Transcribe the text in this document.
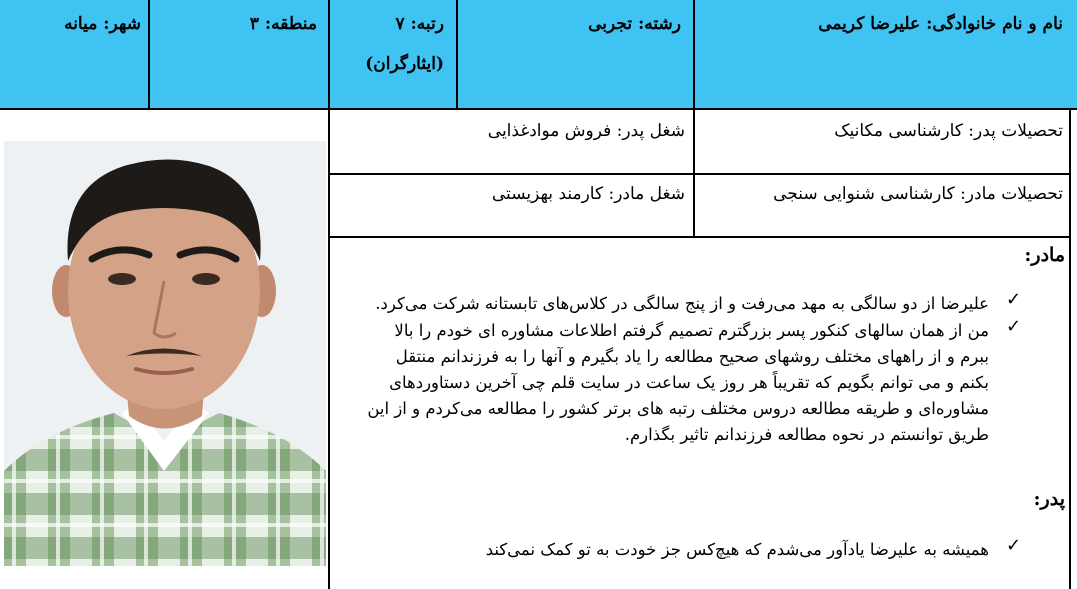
نام و نام خانوادگی: علیرضا کریمی
رشته: تجربی
رتبه: ۷
(ایثارگران)
منطقه: ۳
شهر: میانه
تحصیلات پدر: کارشناسی مکانیک
شغل پدر: فروش موادغذایی
تحصیلات مادر: کارشناسی شنوایی سنجی
شغل مادر: کارمند بهزیستی
مادر:
✓
علیرضا از دو سالگی به مهد می‌رفت و از پنج سالگی در کلاس‌های تابستانه شرکت می‌کرد.
✓
من از همان سالهای کنکور پسر بزرگترم تصمیم گرفتم اطلاعات مشاوره ای خودم را بالا
ببرم و از راههای مختلف روشهای صحیح مطالعه را یاد بگیرم و آنها را به فرزندانم منتقل
بکنم و می توانم بگویم که تقریباً هر روز یک ساعت در سایت قلم چی آخرین دستاوردهای
مشاوره‌ای و طریقه مطالعه دروس مختلف رتبه های برتر کشور را مطالعه می‌کردم و از این
طریق توانستم در نحوه مطالعه فرزندانم تاثیر بگذارم.
پدر:
✓
همیشه به علیرضا یادآور می‌شدم که هیچ‌کس جز خودت به تو کمک نمی‌کند
